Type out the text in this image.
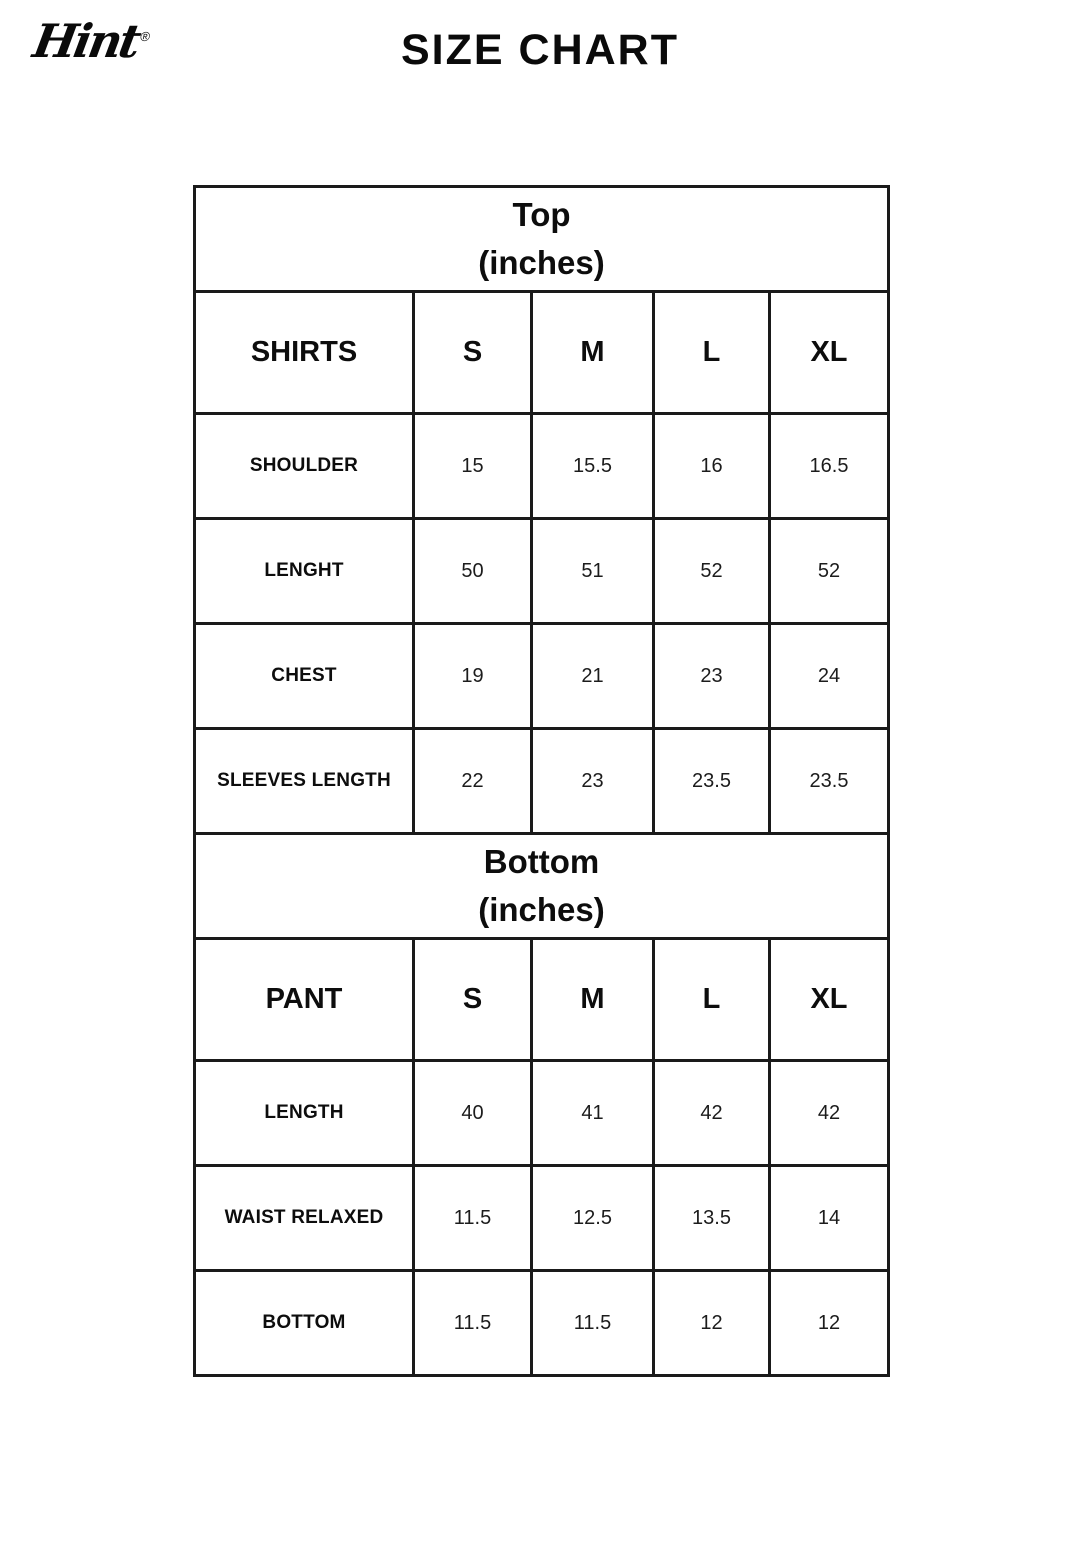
Hint®	SIZE CHART
Top
(inches)				

SHIRTS	S	M	L	XL
SHOULDER	15	15.5	16	16.5
LENGHT	50	51	52	52
CHEST	19	21	23	24
SLEEVES LENGTH	22	23	23.5	23.5

Bottom
(inches)				

PANT	S	M	L	XL
LENGTH	40	41	42	42
WAIST RELAXED	11.5	12.5	13.5	14
BOTTOM	11.5	11.5	12	12
